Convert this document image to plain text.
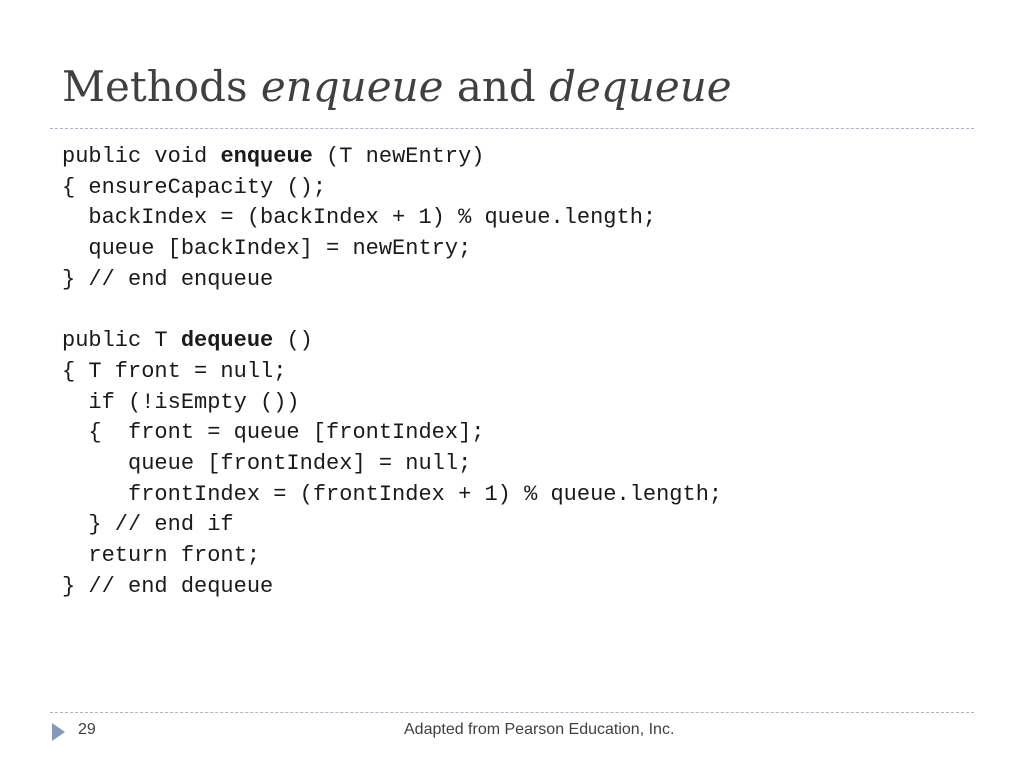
Methods enqueue and dequeue
public void enqueue (T newEntry)
{ ensureCapacity ();
backIndex = (backIndex + 1) % queue.length;
queue [backIndex] = newEntry;
} // end enqueue
public T dequeue ()
{ T front = null;
if (!isEmpty ())
{  front = queue [frontIndex];
queue [frontIndex] = null;
frontIndex = (frontIndex + 1) % queue.length;
} // end if
return front;
} // end dequeue
29	Adapted from Pearson Education, Inc.
